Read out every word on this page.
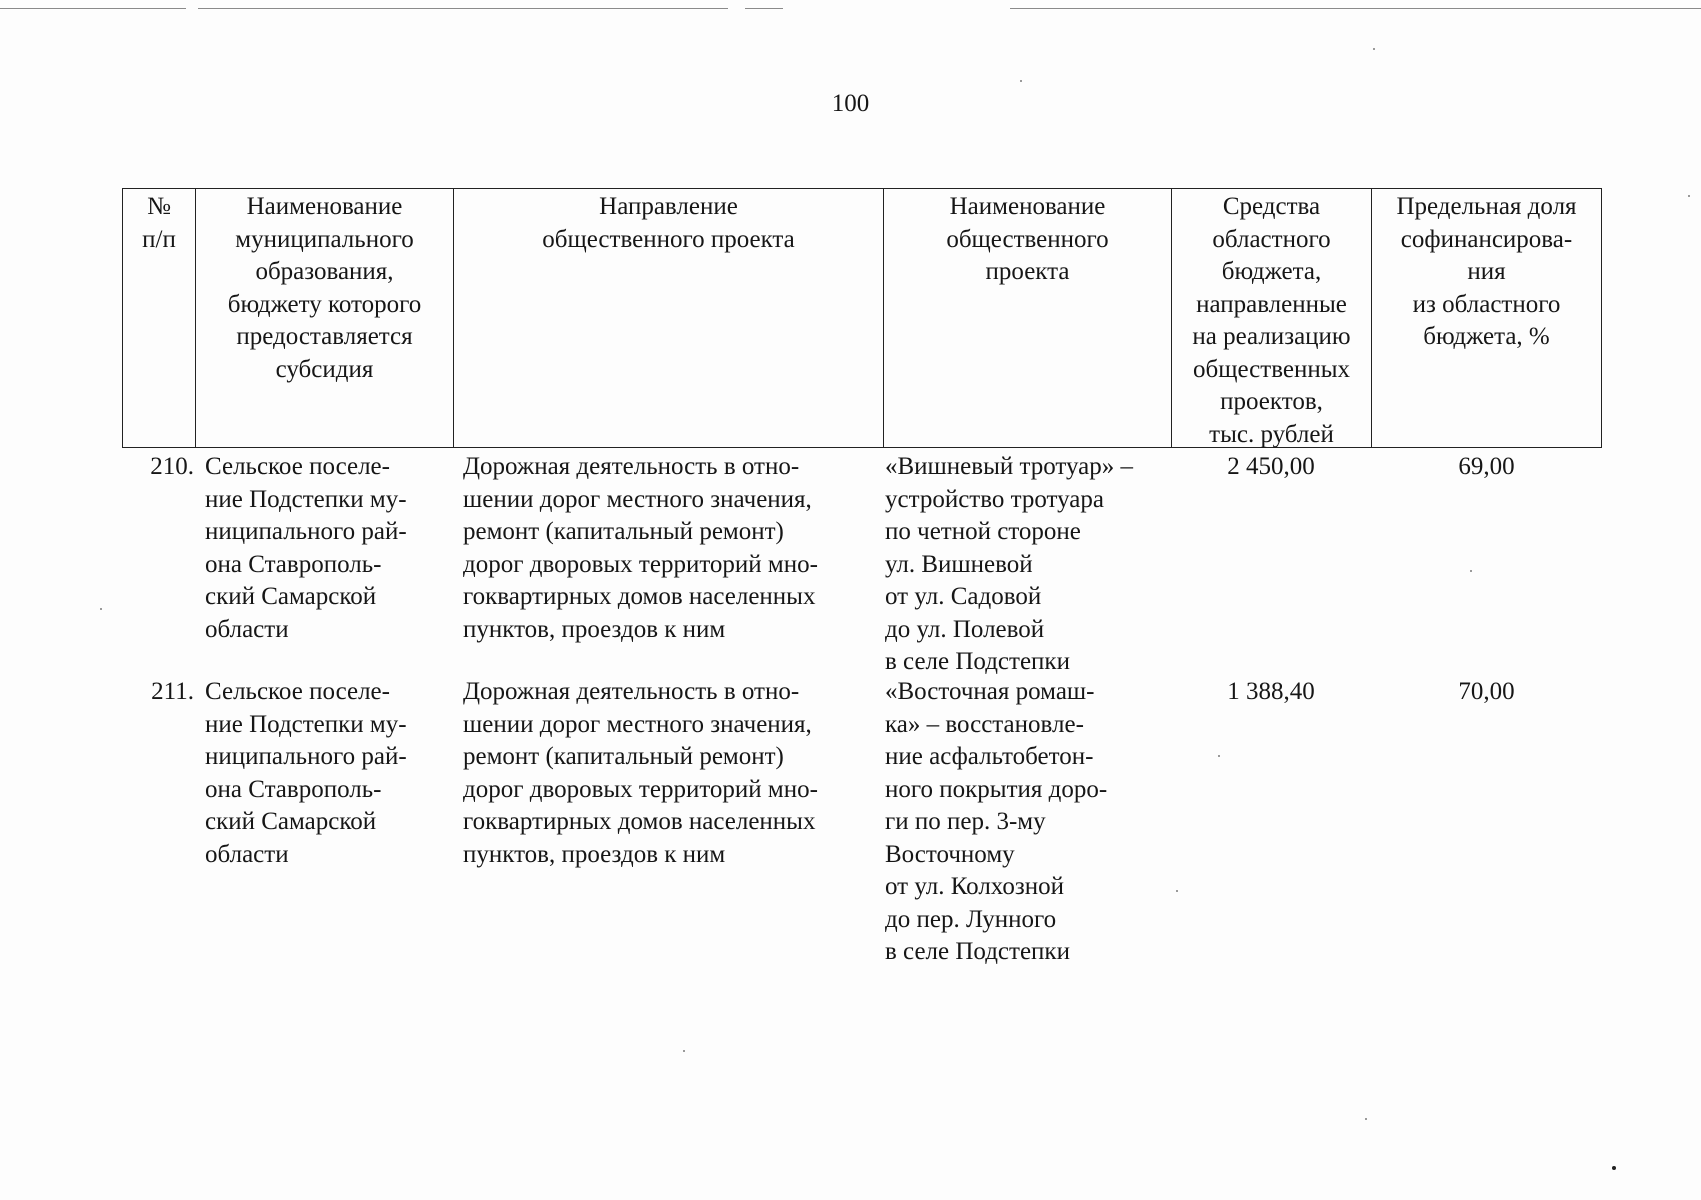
100
№
п/п
Наименование
муниципального
образования,
бюджету которого
предоставляется
субсидия
Направление
общественного проекта
Наименование
общественного
проекта
Средства
областного
бюджета,
направленные
на реализацию
общественных
проектов,
тыс. рублей
Предельная доля
софинансирова-
ния
из областного
бюджета, %
210. Сельское поселе-
ние Подстепки му-
ниципального рай-
она Ставрополь-
ский Самарской
области
Дорожная деятельность в отно-
шении дорог местного значения,
ремонт (капитальный ремонт)
дорог дворовых территорий мно-
гоквартирных домов населенных
пунктов, проездов к ним
«Вишневый тротуар» –
устройство тротуара
по четной стороне
ул. Вишневой
от ул. Садовой
до ул. Полевой
в селе Подстепки
2 450,00	69,00
211. Сельское поселе-
ние Подстепки му-
ниципального рай-
она Ставрополь-
ский Самарской
области
Дорожная деятельность в отно-
шении дорог местного значения,
ремонт (капитальный ремонт)
дорог дворовых территорий мно-
гоквартирных домов населенных
пунктов, проездов к ним
«Восточная ромаш-
ка» – восстановле-
ние асфальтобетон-
ного покрытия доро-
ги по пер. 3-му
Восточному
от ул. Колхозной
до пер. Лунного
в селе Подстепки
1 388,40	70,00
